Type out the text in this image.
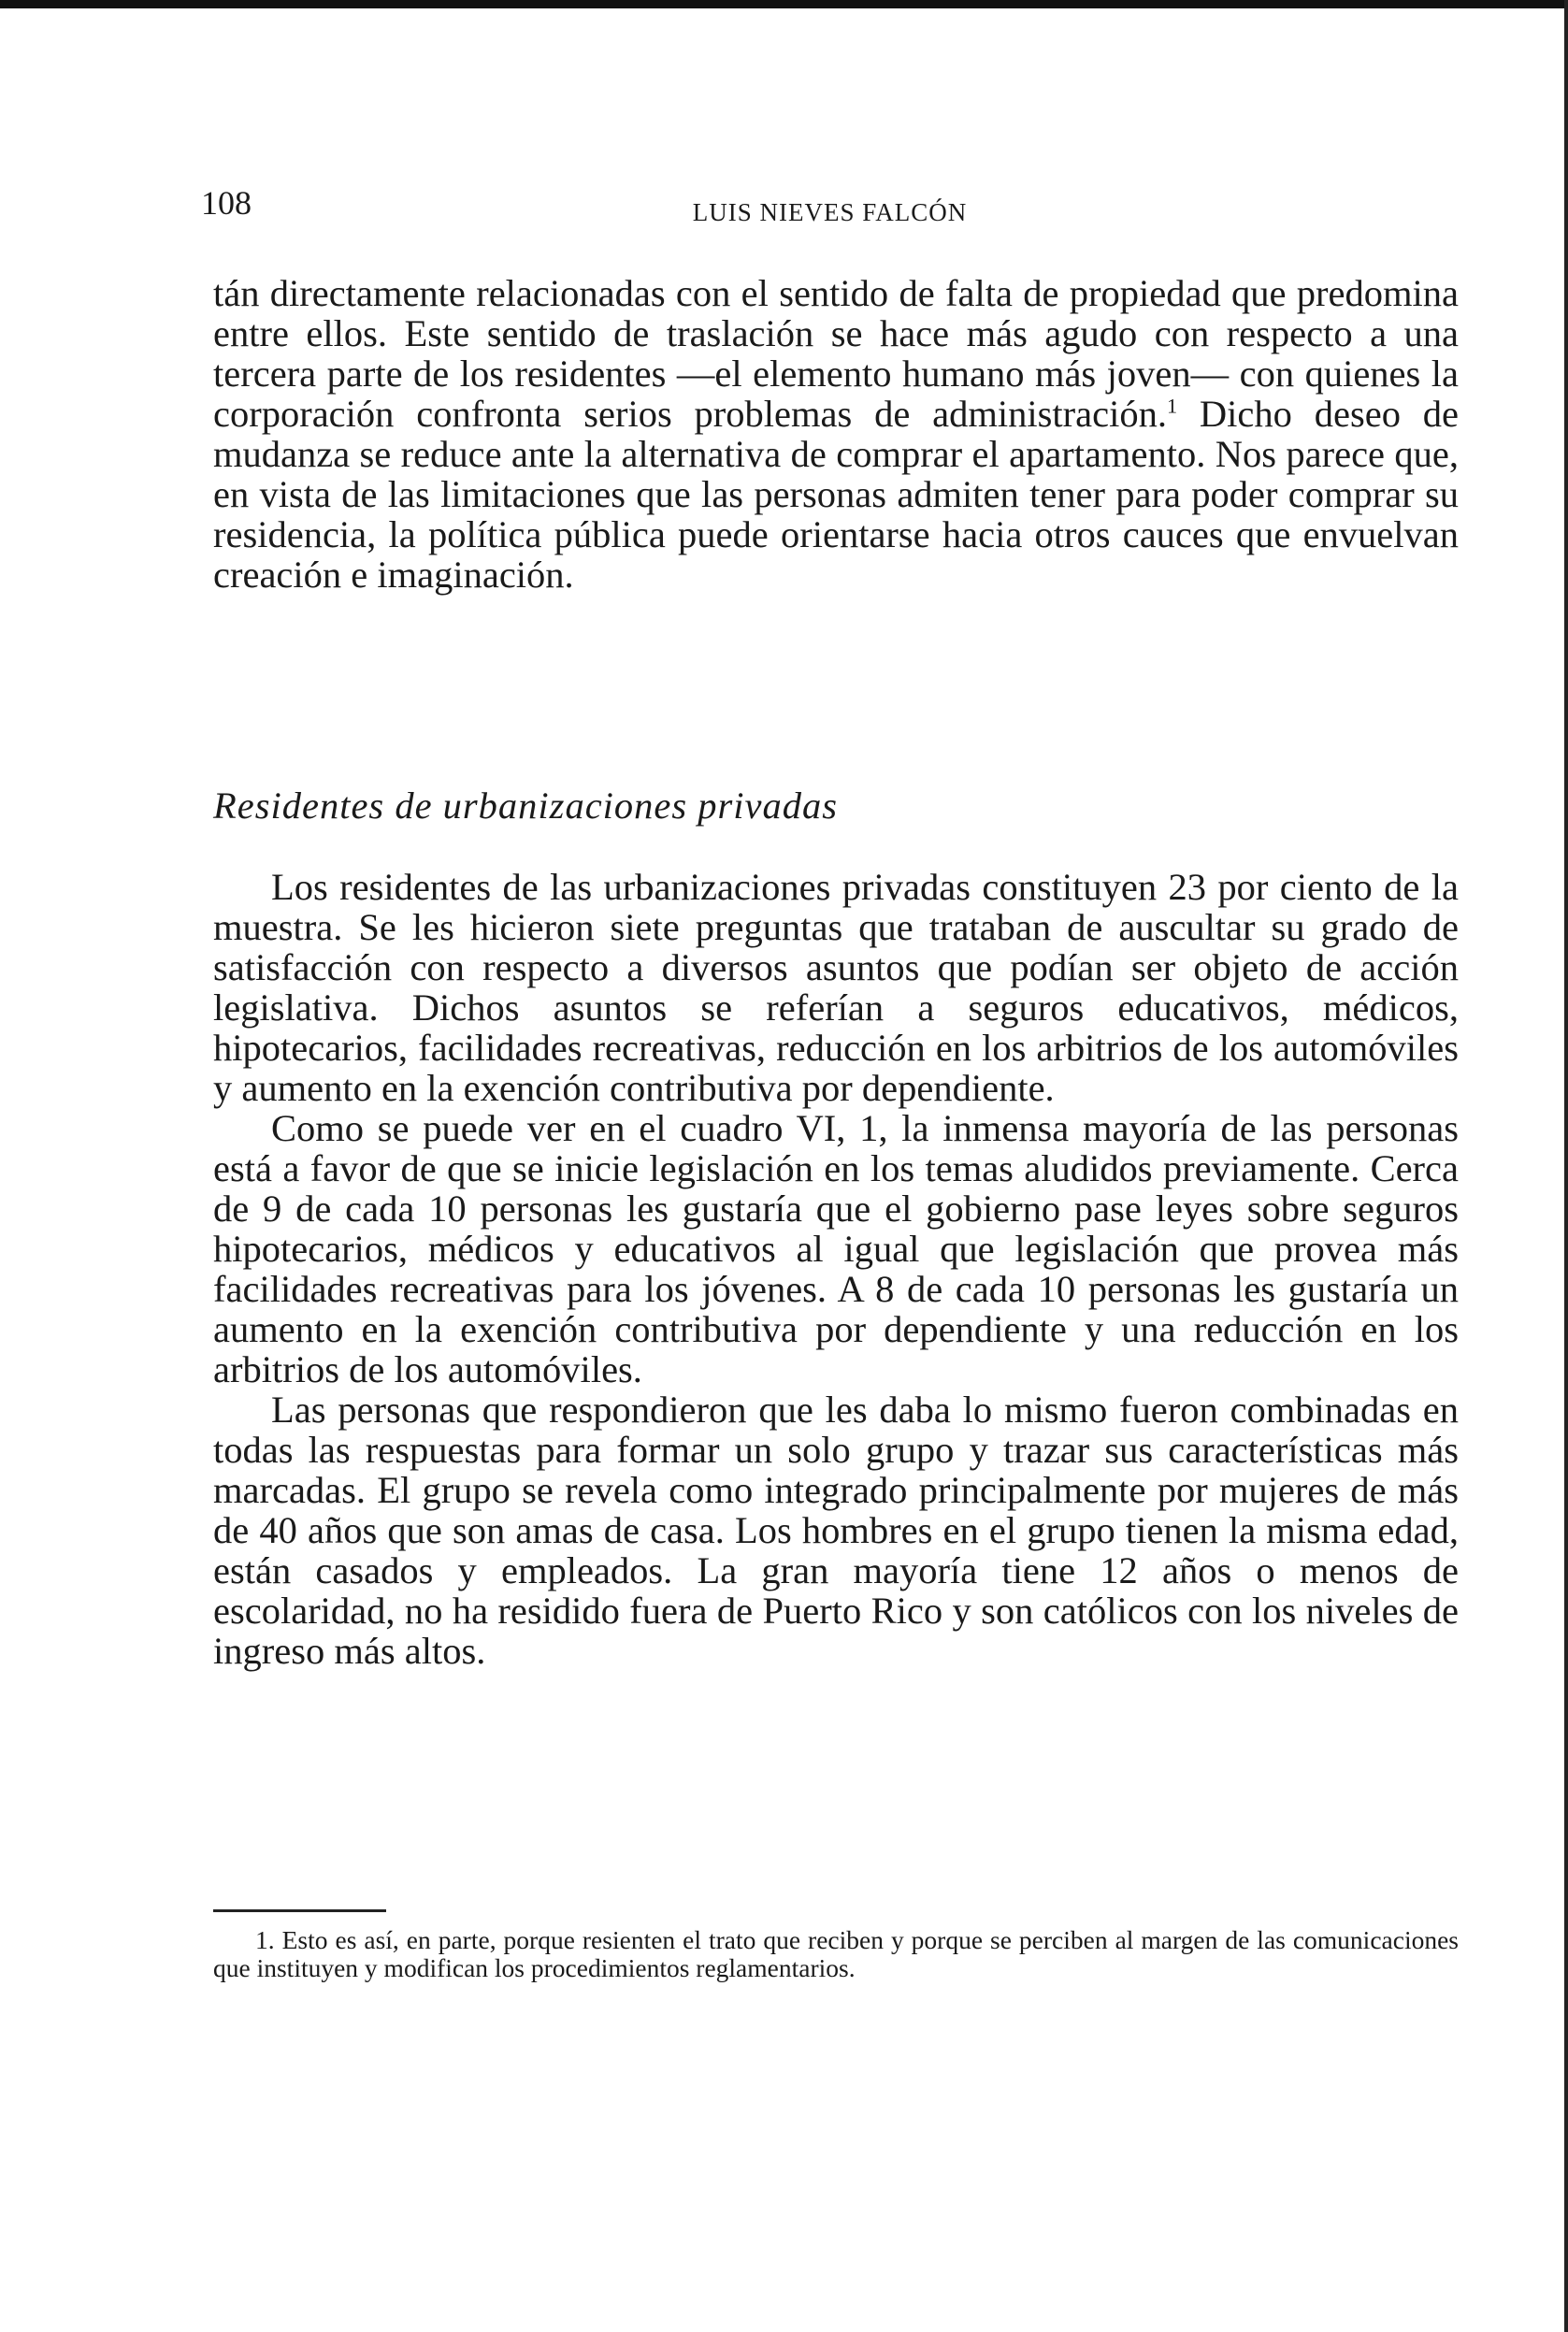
108	LUIS NIEVES FALCÓN

tán directamente relacionadas con el sentido de falta de propiedad que predomina entre ellos. Este sentido de traslación se hace más agudo con respecto a una tercera parte de los residentes —el elemento humano más joven— con quienes la corporación confronta serios problemas de administración.$^1$ Dicho deseo de mudanza se reduce ante la alternativa de comprar el apartamento. Nos parece que, en vista de las limitaciones que las personas admiten tener para poder comprar su residencia, la política pública puede orientarse hacia otros cauces que envuelvan creación e imaginación.

Residentes de urbanizaciones privadas

Los residentes de las urbanizaciones privadas constituyen 23 por ciento de la muestra. Se les hicieron siete preguntas que trataban de auscultar su grado de satisfacción con respecto a diversos asuntos que podían ser objeto de acción legislativa. Dichos asuntos se referían a seguros educativos, médicos, hipotecarios, facilidades recreativas, reducción en los arbitrios de los automóviles y aumento en la exención contributiva por dependiente.

Como se puede ver en el cuadro VI, 1, la inmensa mayoría de las personas está a favor de que se inicie legislación en los temas aludidos previamente. Cerca de 9 de cada 10 personas les gustaría que el gobierno pase leyes sobre seguros hipotecarios, médicos y educativos al igual que legislación que provea más facilidades recreativas para los jóvenes. A 8 de cada 10 personas les gustaría un aumento en la exención contributiva por dependiente y una reducción en los arbitrios de los automóviles.

Las personas que respondieron que les daba lo mismo fueron combinadas en todas las respuestas para formar un solo grupo y trazar sus características más marcadas. El grupo se revela como integrado principalmente por mujeres de más de 40 años que son amas de casa. Los hombres en el grupo tienen la misma edad, están casados y empleados. La gran mayoría tiene 12 años o menos de escolaridad, no ha residido fuera de Puerto Rico y son católicos con los niveles de ingreso más altos.

1. Esto es así, en parte, porque resienten el trato que reciben y porque se perciben al margen de las comunicaciones que instituyen y modifican los procedimientos reglamentarios.
